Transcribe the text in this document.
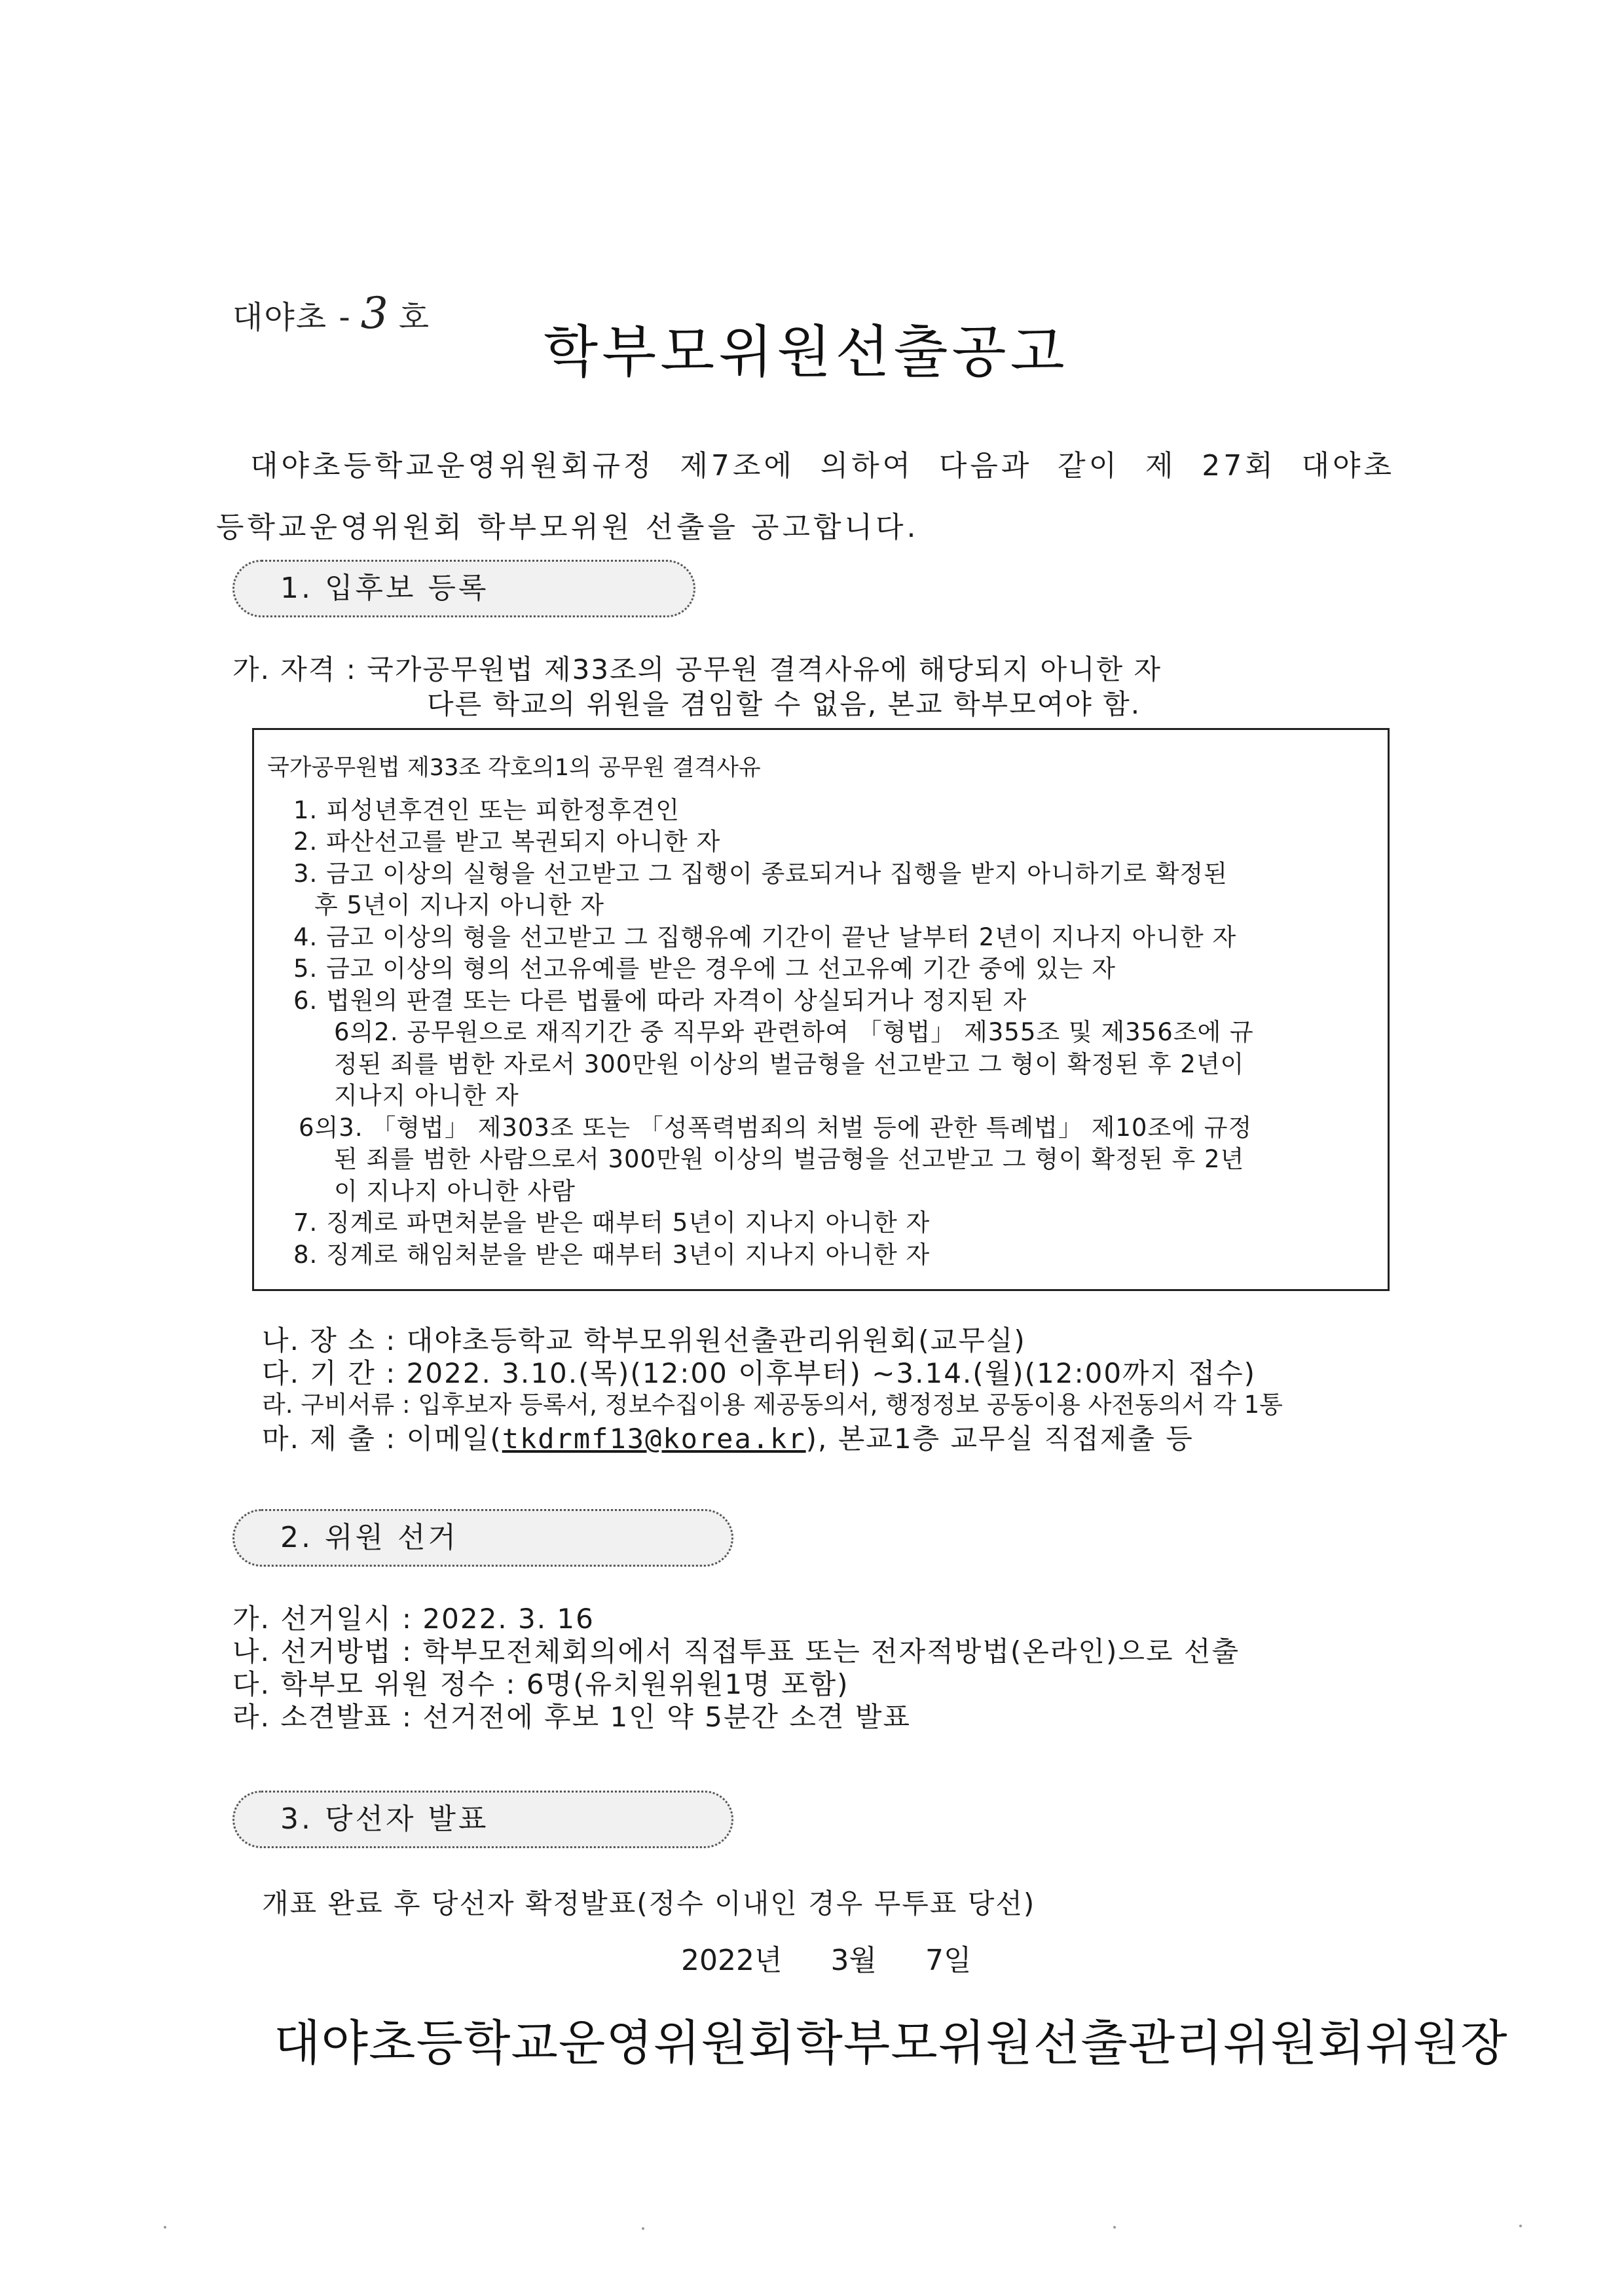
대야초 - 3 호
학부모위원선출공고
대야초등학교운영위원회규정 제7조에 의하여 다음과 같이 제 27회 대야초
등학교운영위원회 학부모위원 선출을 공고합니다.
1. 입후보 등록
가. 자격 : 국가공무원법 제33조의 공무원 결격사유에 해당되지 아니한 자
다른 학교의 위원을 겸임할 수 없음, 본교 학부모여야 함.
국가공무원법 제33조 각호의1의 공무원 결격사유
1. 피성년후견인 또는 피한정후견인
2. 파산선고를 받고 복권되지 아니한 자
3. 금고 이상의 실형을 선고받고 그 집행이 종료되거나 집행을 받지 아니하기로 확정된
후 5년이 지나지 아니한 자
4. 금고 이상의 형을 선고받고 그 집행유예 기간이 끝난 날부터 2년이 지나지 아니한 자
5. 금고 이상의 형의 선고유예를 받은 경우에 그 선고유예 기간 중에 있는 자
6. 법원의 판결 또는 다른 법률에 따라 자격이 상실되거나 정지된 자
6의2. 공무원으로 재직기간 중 직무와 관련하여 「형법」 제355조 및 제356조에 규
정된 죄를 범한 자로서 300만원 이상의 벌금형을 선고받고 그 형이 확정된 후 2년이
지나지 아니한 자
6의3. 「형법」 제303조 또는 「성폭력범죄의 처벌 등에 관한 특례법」 제10조에 규정
된 죄를 범한 사람으로서 300만원 이상의 벌금형을 선고받고 그 형이 확정된 후 2년
이 지나지 아니한 사람
7. 징계로 파면처분을 받은 때부터 5년이 지나지 아니한 자
8. 징계로 해임처분을 받은 때부터 3년이 지나지 아니한 자
나. 장 소 : 대야초등학교 학부모위원선출관리위원회(교무실)
다. 기 간 : 2022. 3.10.(목)(12:00 이후부터) ~3.14.(월)(12:00까지 접수)
라. 구비서류 : 입후보자 등록서, 정보수집이용 제공동의서, 행정정보 공동이용 사전동의서 각 1통
마. 제 출 : 이메일(tkdrmf13@korea.kr), 본교1층 교무실 직접제출 등
2. 위원 선거
가. 선거일시 : 2022. 3. 16
나. 선거방법 : 학부모전체회의에서 직접투표 또는 전자적방법(온라인)으로 선출
다. 학부모 위원 정수 : 6명(유치원위원1명 포함)
라. 소견발표 : 선거전에 후보 1인 약 5분간 소견 발표
3. 당선자 발표
개표 완료 후 당선자 확정발표(정수 이내인 경우 무투표 당선)
2022년 3월 7일
대야초등학교운영위원회학부모위원선출관리위원회위원장
